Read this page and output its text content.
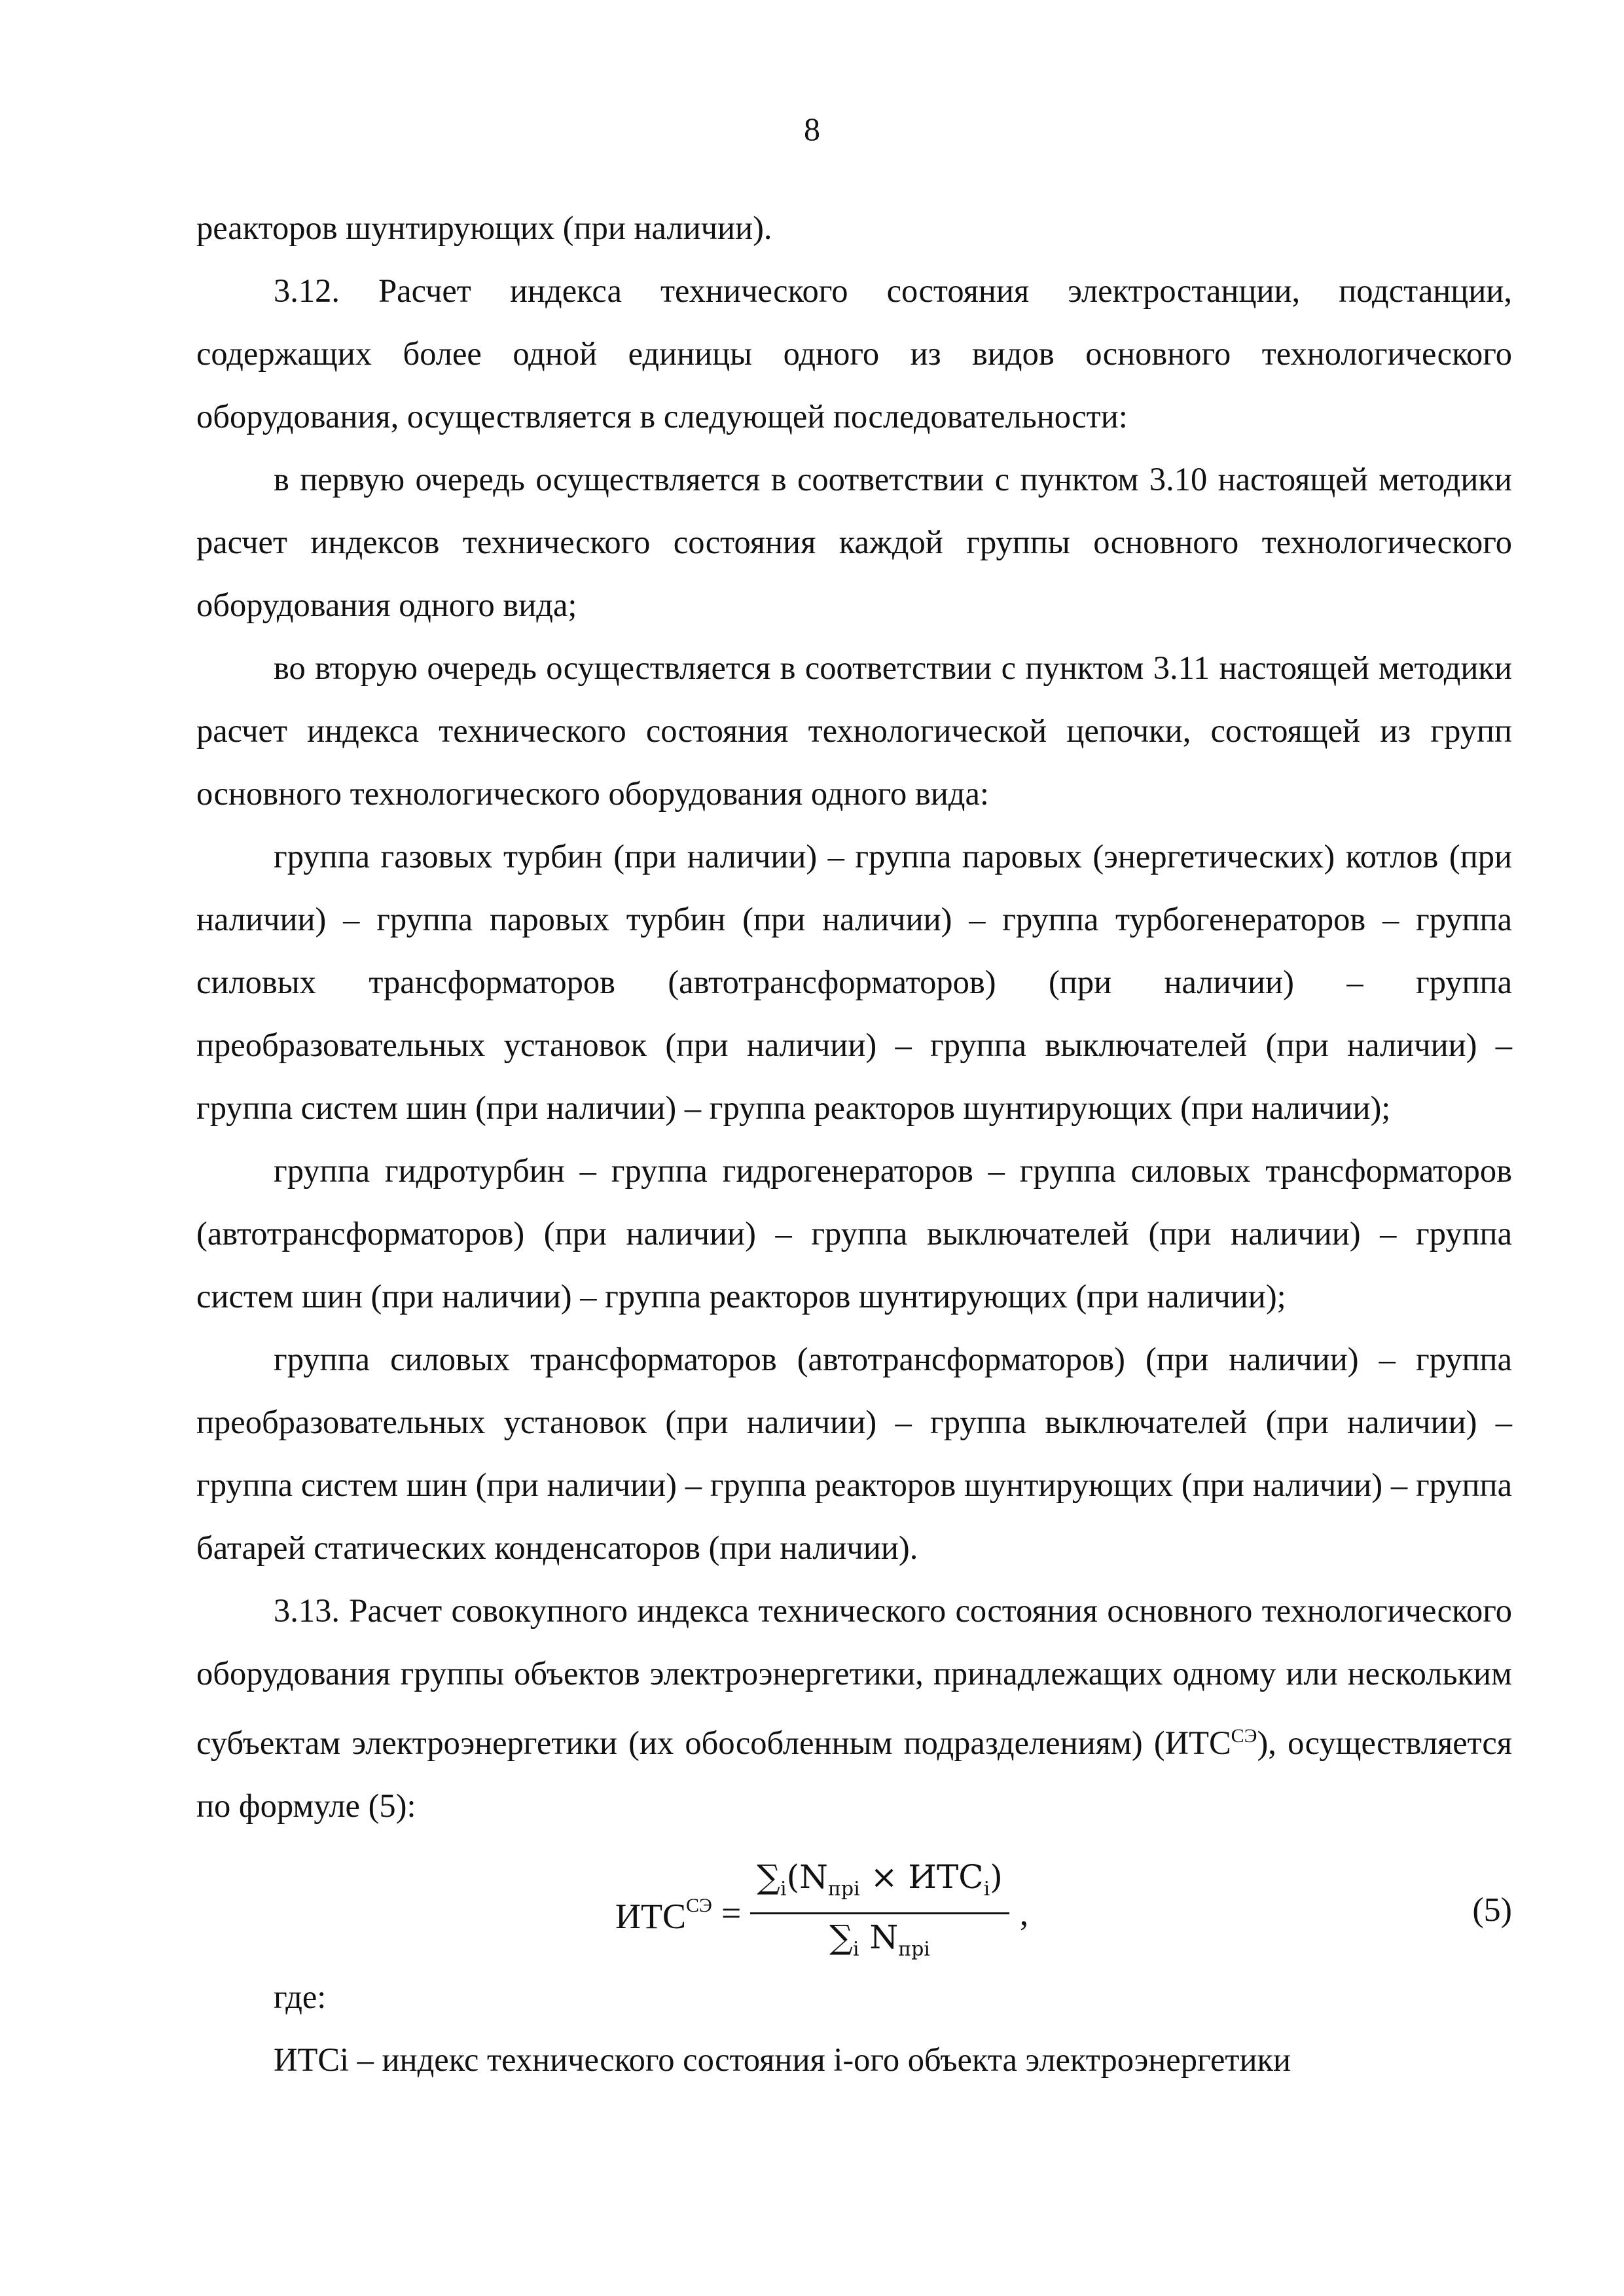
8

реакторов шунтирующих (при наличии).

3.12. Расчет индекса технического состояния электростанции, подстанции, содержащих более одной единицы одного из видов основного технологического оборудования, осуществляется в следующей последовательности:

в первую очередь осуществляется в соответствии с пунктом 3.10 настоящей методики расчет индексов технического состояния каждой группы основного технологического оборудования одного вида;

во вторую очередь осуществляется в соответствии с пунктом 3.11 настоящей методики расчет индекса технического состояния технологической цепочки, состоящей из групп основного технологического оборудования одного вида:

группа газовых турбин (при наличии) – группа паровых (энергетических) котлов (при наличии) – группа паровых турбин (при наличии) – группа турбогенераторов – группа силовых трансформаторов (автотрансформаторов) (при наличии) – группа преобразовательных установок (при наличии) – группа выключателей (при наличии) – группа систем шин (при наличии) – группа реакторов шунтирующих (при наличии);

группа гидротурбин – группа гидрогенераторов – группа силовых трансформаторов (автотрансформаторов) (при наличии) – группа выключателей (при наличии) – группа систем шин (при наличии) – группа реакторов шунтирующих (при наличии);

группа силовых трансформаторов (автотрансформаторов) (при наличии) – группа преобразовательных установок (при наличии) – группа выключателей (при наличии) – группа систем шин (при наличии) – группа реакторов шунтирующих (при наличии) – группа батарей статических конденсаторов (при наличии).

3.13. Расчет совокупного индекса технического состояния основного технологического оборудования группы объектов электроэнергетики, принадлежащих одному или нескольким субъектам электроэнергетики (их обособленным подразделениям) $(ИТС^{СЭ})$, осуществляется по формуле (5):

$ИТС^{СЭ} = \frac{\sum_i(N_{прi} \times ИТС_i)}{\sum_i N_{прi}}$ ,	(5)

где:

ИТСi – индекс технического состояния i-ого объекта электроэнергетики
